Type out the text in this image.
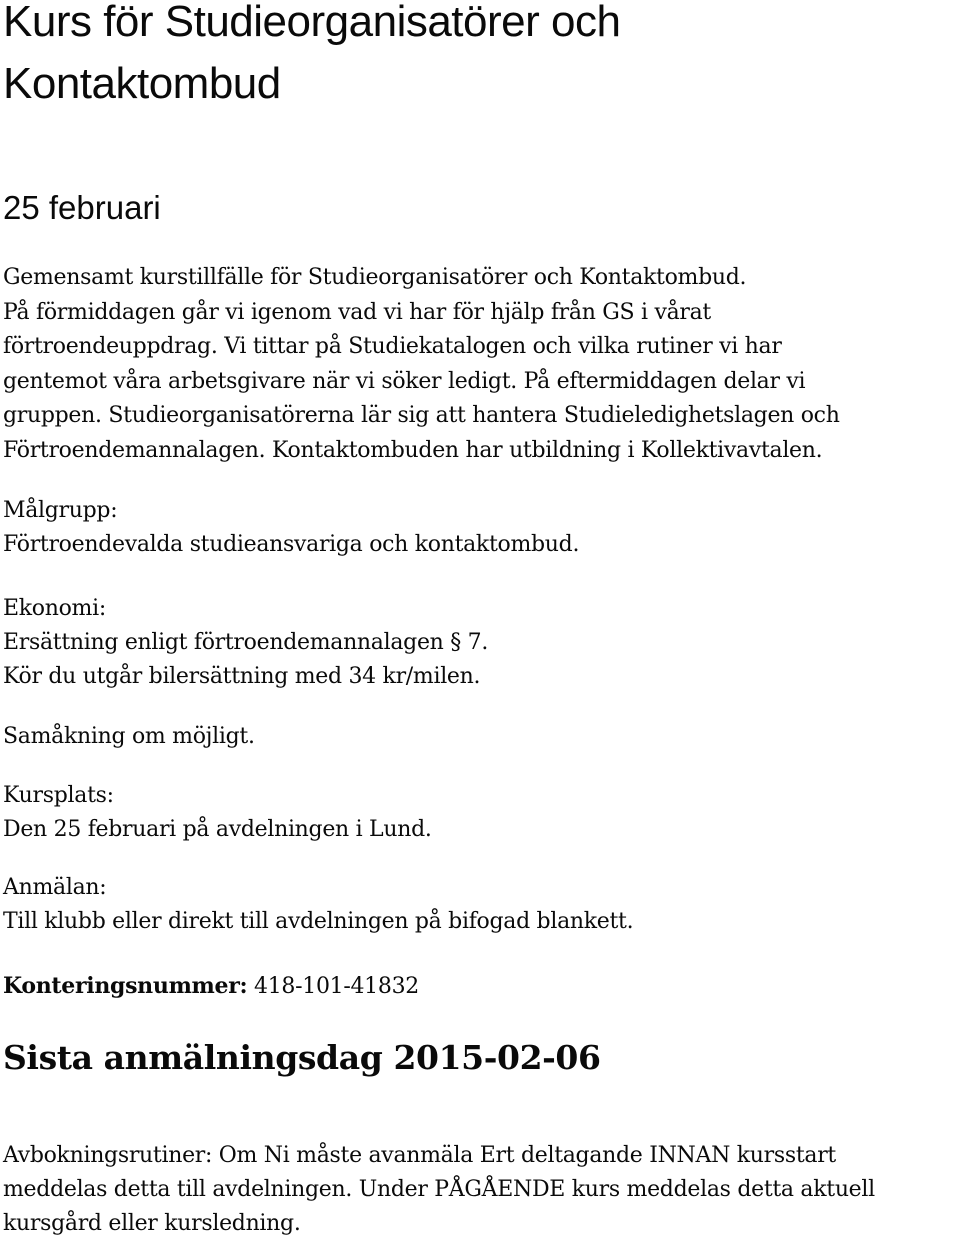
Kurs för Studieorganisatörer och
Kontaktombud
25 februari

Gemensamt kurstillfälle för Studieorganisatörer och Kontaktombud.

På förmiddagen går vi igenom vad vi har för hjälp från GS i vårat

förtroendeuppdrag. Vi tittar på Studiekatalogen och vilka rutiner vi har

gentemot våra arbetsgivare när vi söker ledigt. På eftermiddagen delar vi

gruppen. Studieorganisatörerna lär sig att hantera Studieledighetslagen och

Förtroendemannalagen. Kontaktombuden har utbildning i Kollektivavtalen.

Målgrupp:

Förtroendevalda studieansvariga och kontaktombud.

Ekonomi:

Ersättning enligt förtroendemannalagen § 7.

Kör du utgår bilersättning med 34 kr/milen.

Samåkning om möjligt.

Kursplats:

Den 25 februari på avdelningen i Lund.

Anmälan:

Till klubb eller direkt till avdelningen på bifogad blankett.

Konteringsnummer: 418-101-41832

Sista anmälningsdag 2015-02-06

Avbokningsrutiner: Om Ni måste avanmäla Ert deltagande INNAN kursstart

meddelas detta till avdelningen. Under PÅGÅENDE kurs meddelas detta aktuell

kursgård eller kursledning.
